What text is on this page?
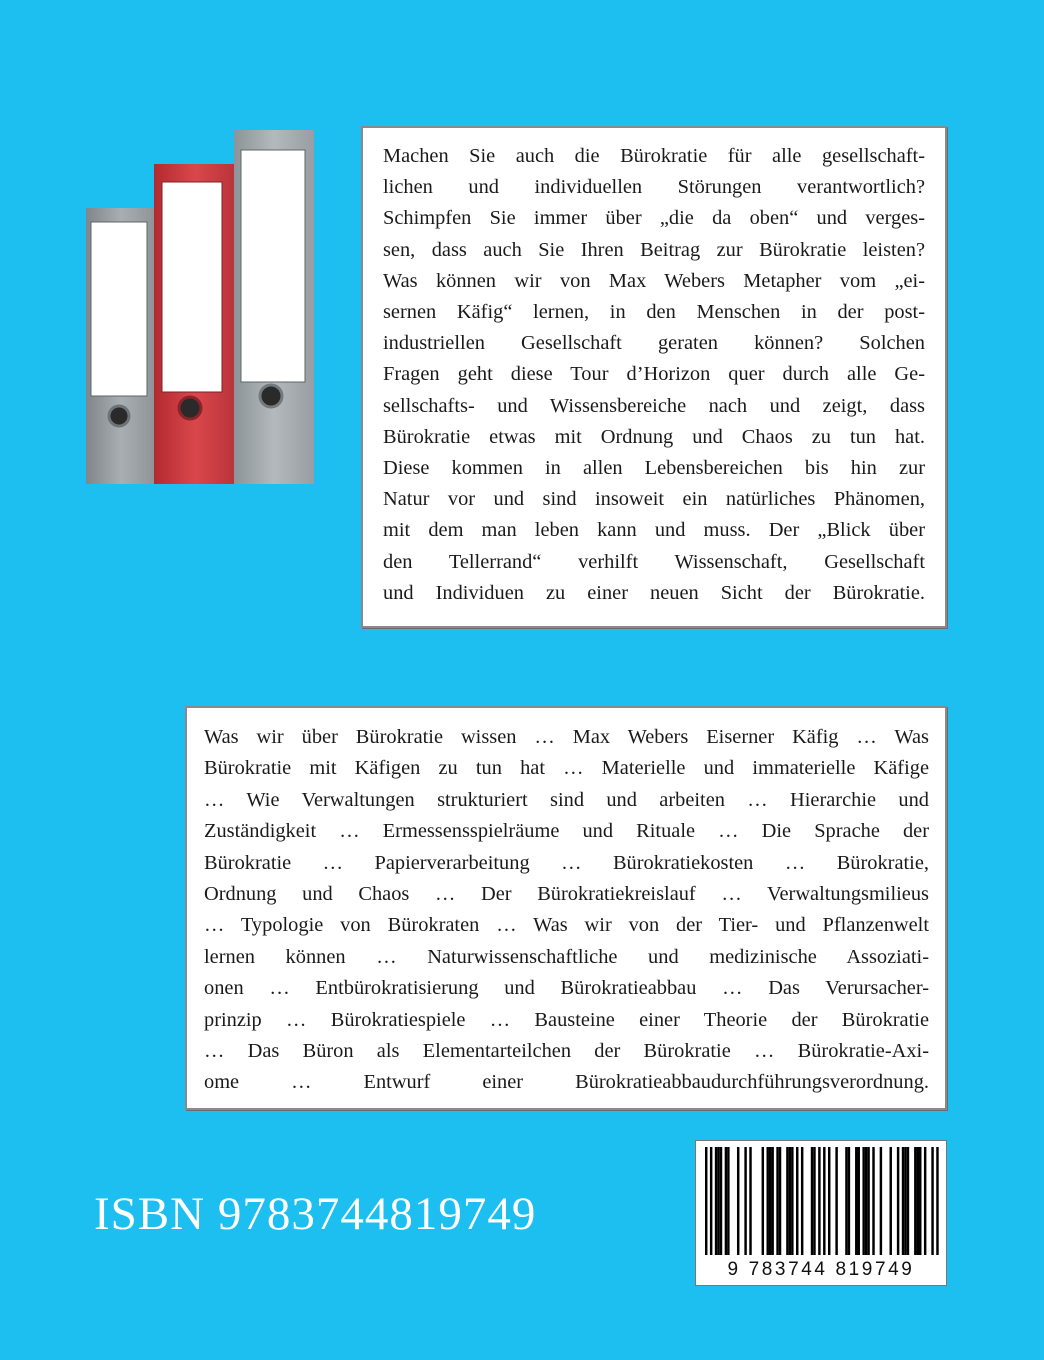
Machen Sie auch die Bürokratie für alle gesellschaft-

lichen und individuellen Störungen verantwortlich?

Schimpfen Sie immer über „die da oben“ und verges-

sen, dass auch Sie Ihren Beitrag zur Bürokratie leisten?

Was können wir von Max Webers Metapher vom „ei-

sernen Käfig“ lernen, in den Menschen in der post-

industriellen Gesellschaft geraten können? Solchen

Fragen geht diese Tour d’Horizon quer durch alle Ge-

sellschafts- und Wissensbereiche nach und zeigt, dass

Bürokratie etwas mit Ordnung und Chaos zu tun hat.

Diese kommen in allen Lebensbereichen bis hin zur

Natur vor und sind insoweit ein natürliches Phänomen,

mit dem man leben kann und muss. Der „Blick über

den Tellerrand“ verhilft Wissenschaft, Gesellschaft

und Individuen zu einer neuen Sicht der Bürokratie.

Was wir über Bürokratie wissen … Max Webers Eiserner Käfig … Was

Bürokratie mit Käfigen zu tun hat … Materielle und immaterielle Käfige

… Wie Verwaltungen strukturiert sind und arbeiten … Hierarchie und

Zuständigkeit … Ermessensspielräume und Rituale … Die Sprache der

Bürokratie … Papierverarbeitung … Bürokratiekosten … Bürokratie,

Ordnung und Chaos … Der Bürokratiekreislauf … Verwaltungsmilieus

… Typologie von Bürokraten … Was wir von der Tier- und Pflanzenwelt

lernen können … Naturwissenschaftliche und medizinische Assoziati-

onen … Entbürokratisierung und Bürokratieabbau … Das Verursacher-

prinzip … Bürokratiespiele … Bausteine einer Theorie der Bürokratie

… Das Büron als Elementarteilchen der Bürokratie … Bürokratie-Axi-

ome … Entwurf einer Bürokratieabbaudurchführungsverordnung.

ISBN 9783744819749
9 783744 819749
